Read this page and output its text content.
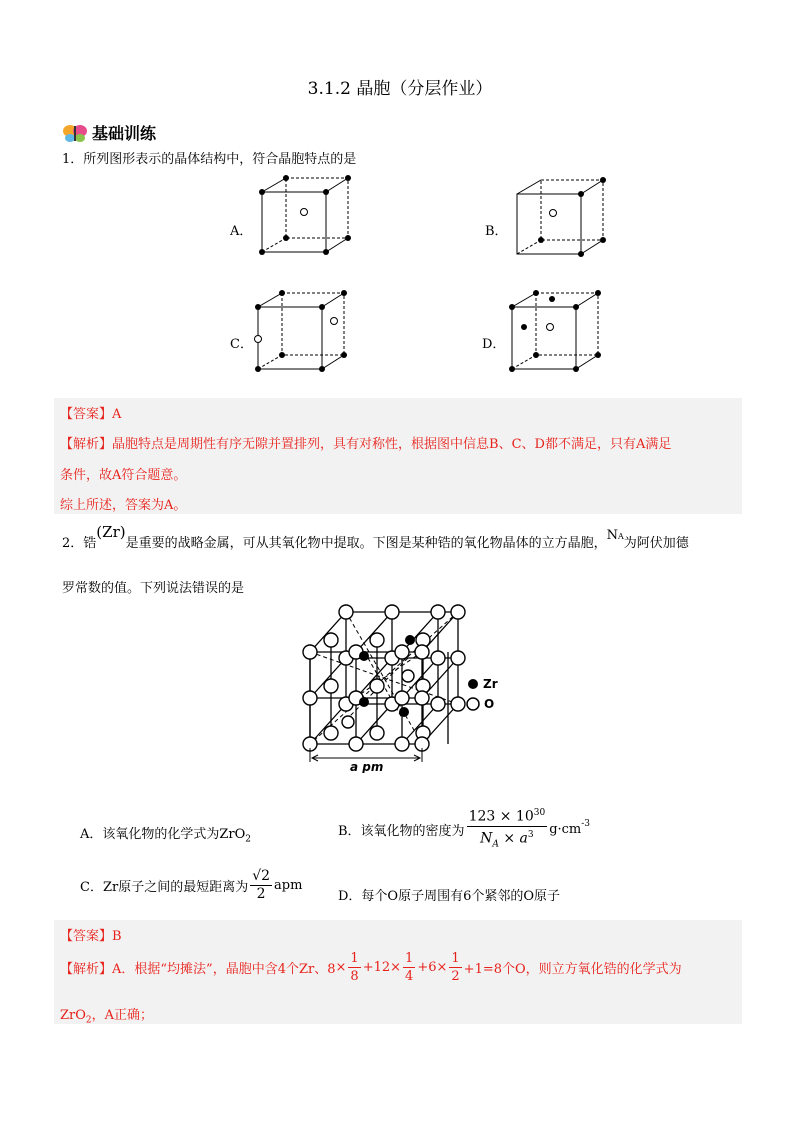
3.1.2 晶胞（分层作业）
基础训练
1．所列图形表示的晶体结构中，符合晶胞特点的是
A．	B．
C．	D．
【答案】A
【解析】晶胞特点是周期性有序无隙并置排列，具有对称性，根据图中信息B、C、D都不满足，只有A满足
条件，故A符合题意。
综上所述，答案为A。
2．锆(Zr)是重要的战略金属，可从其氧化物中提取。下图是某种锆的氧化物晶体的立方晶胞，NA为阿伏加德
罗常数的值。下列说法错误的是
a pm
Zr
O
A．该氧化物的化学式为ZrO$_2$
B．该氧化物的密度为 $\frac{123 \times 10^{30}}{N_A \times a^3} g\cdot cm^{-3}$
C．Zr原子之间的最短距离为 $\frac{√2}{2}$ apm
D．每个O原子周围有6个紧邻的O原子
【答案】B
【解析】 A．根据“均摊法”，晶胞中含4个Zr、$8 \times \frac{1}{8} +12 \times \frac{1}{4} +6 \times \frac{1}{2} +1=8$个O，则立方氧化锆的化学式为
ZrO$_2$，A正确；
